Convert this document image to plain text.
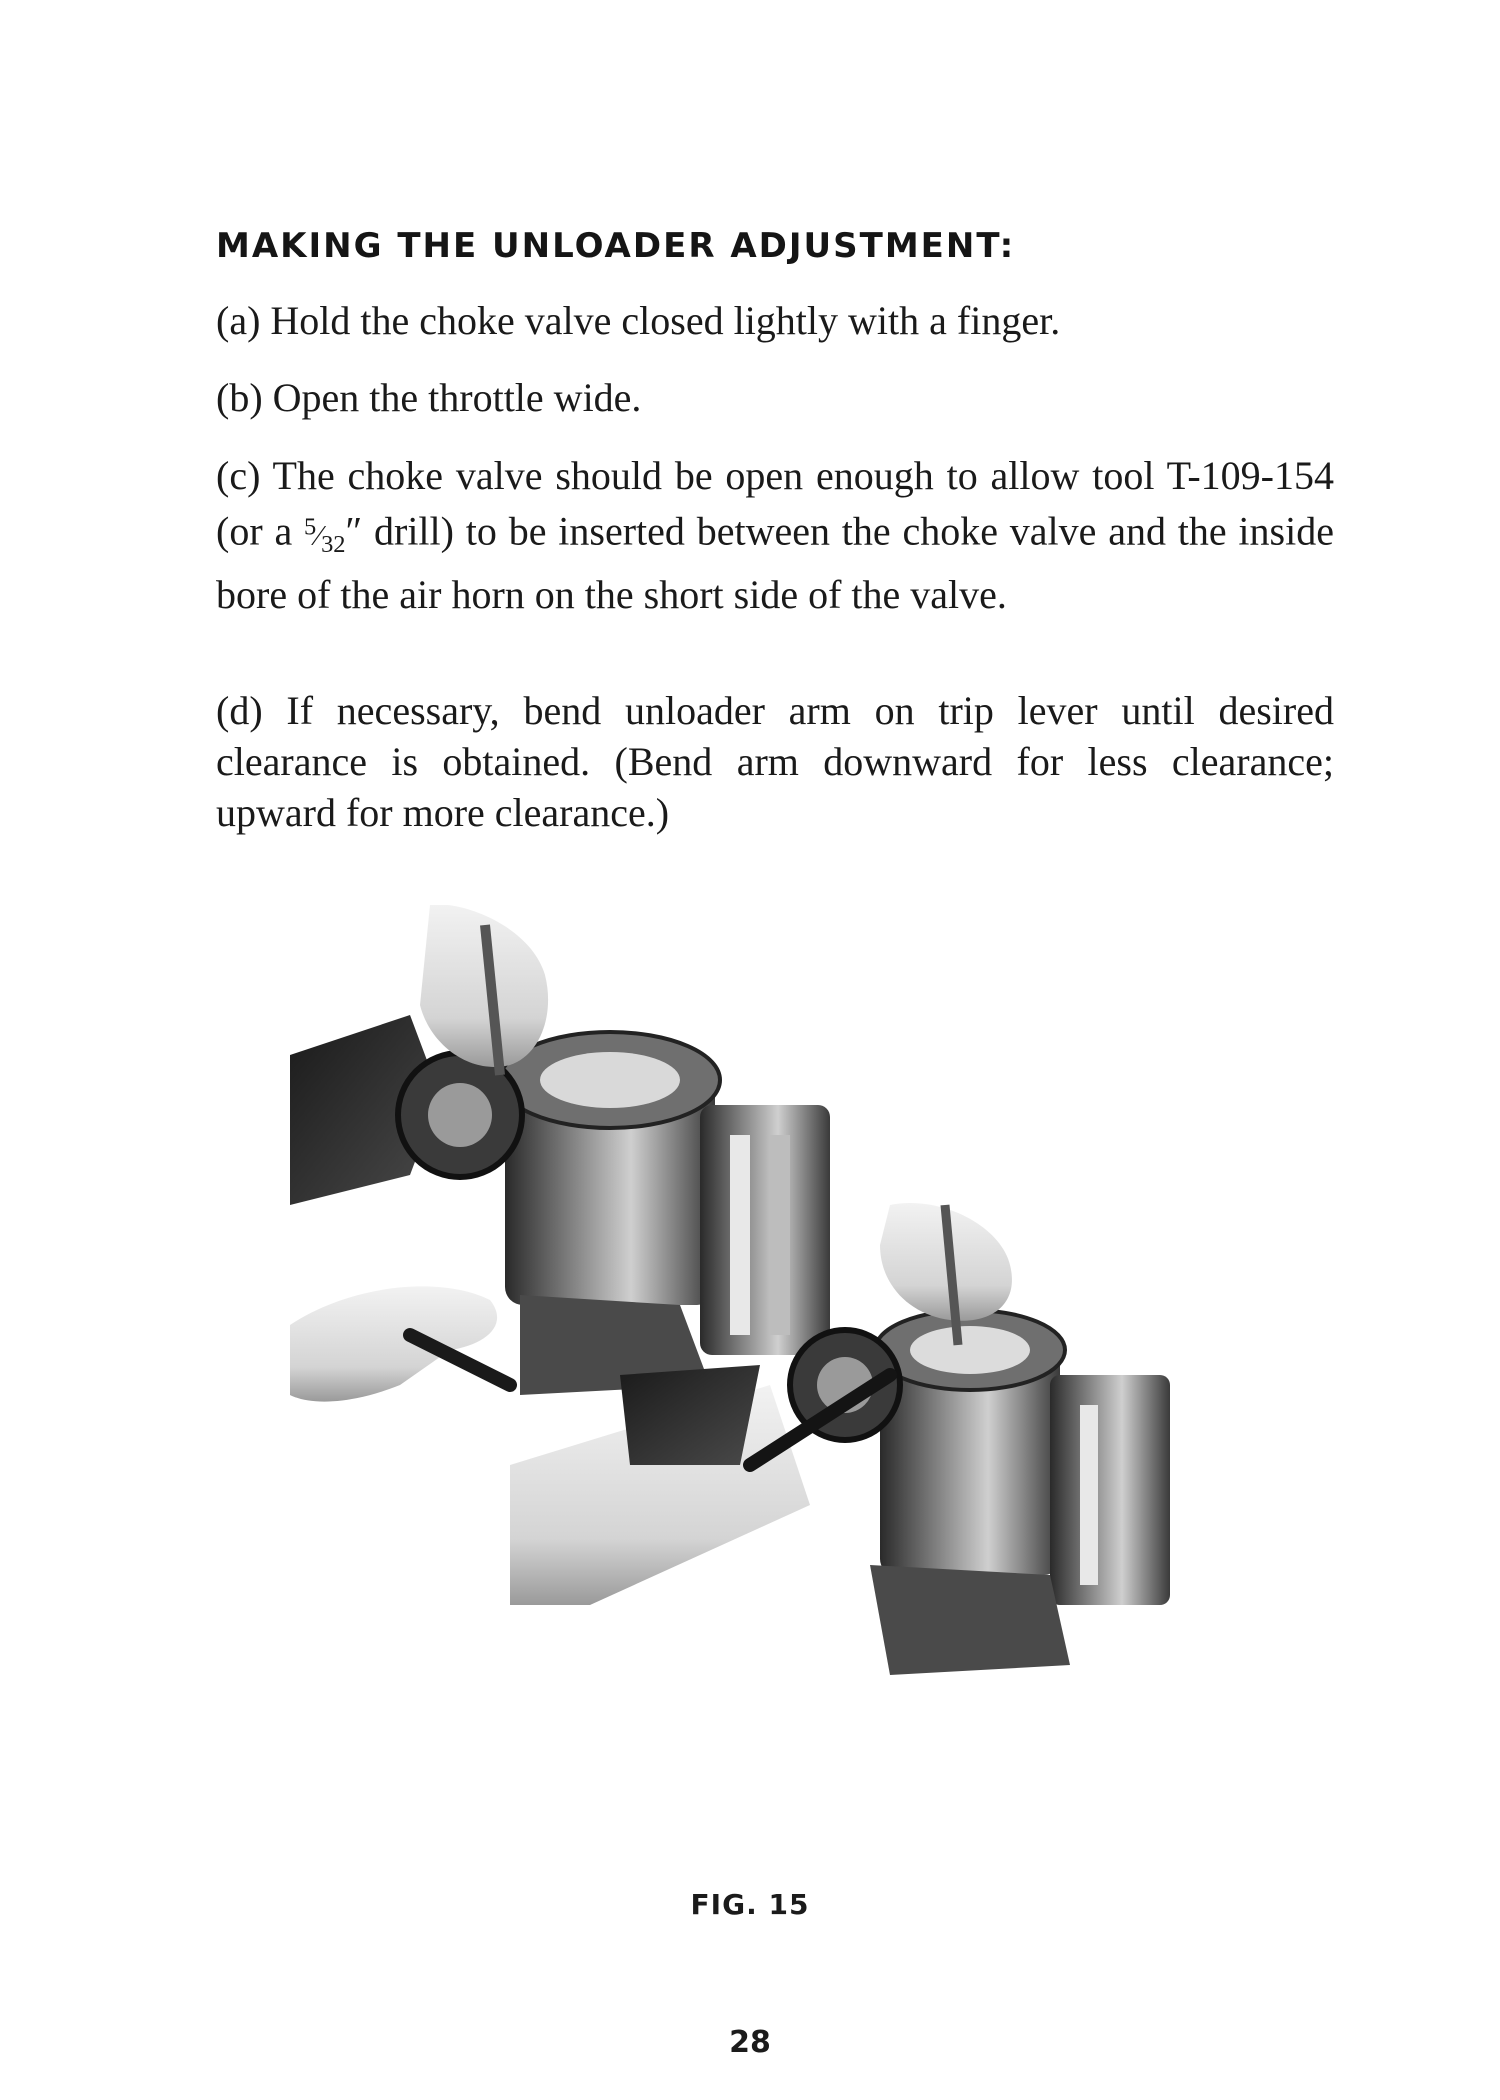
MAKING THE UNLOADER ADJUSTMENT:
(a) Hold the choke valve closed lightly with a finger.
(b) Open the throttle wide.
(c) The choke valve should be open enough to allow tool T-109-154 (or a $^5⁄_{32}''$ drill) to be inserted between the choke valve and the inside bore of the air horn on the short side of the valve.
(d) If necessary, bend unloader arm on trip lever until desired clearance is obtained. (Bend arm downward for less clearance; upward for more clearance.)
FIG. 15
28
